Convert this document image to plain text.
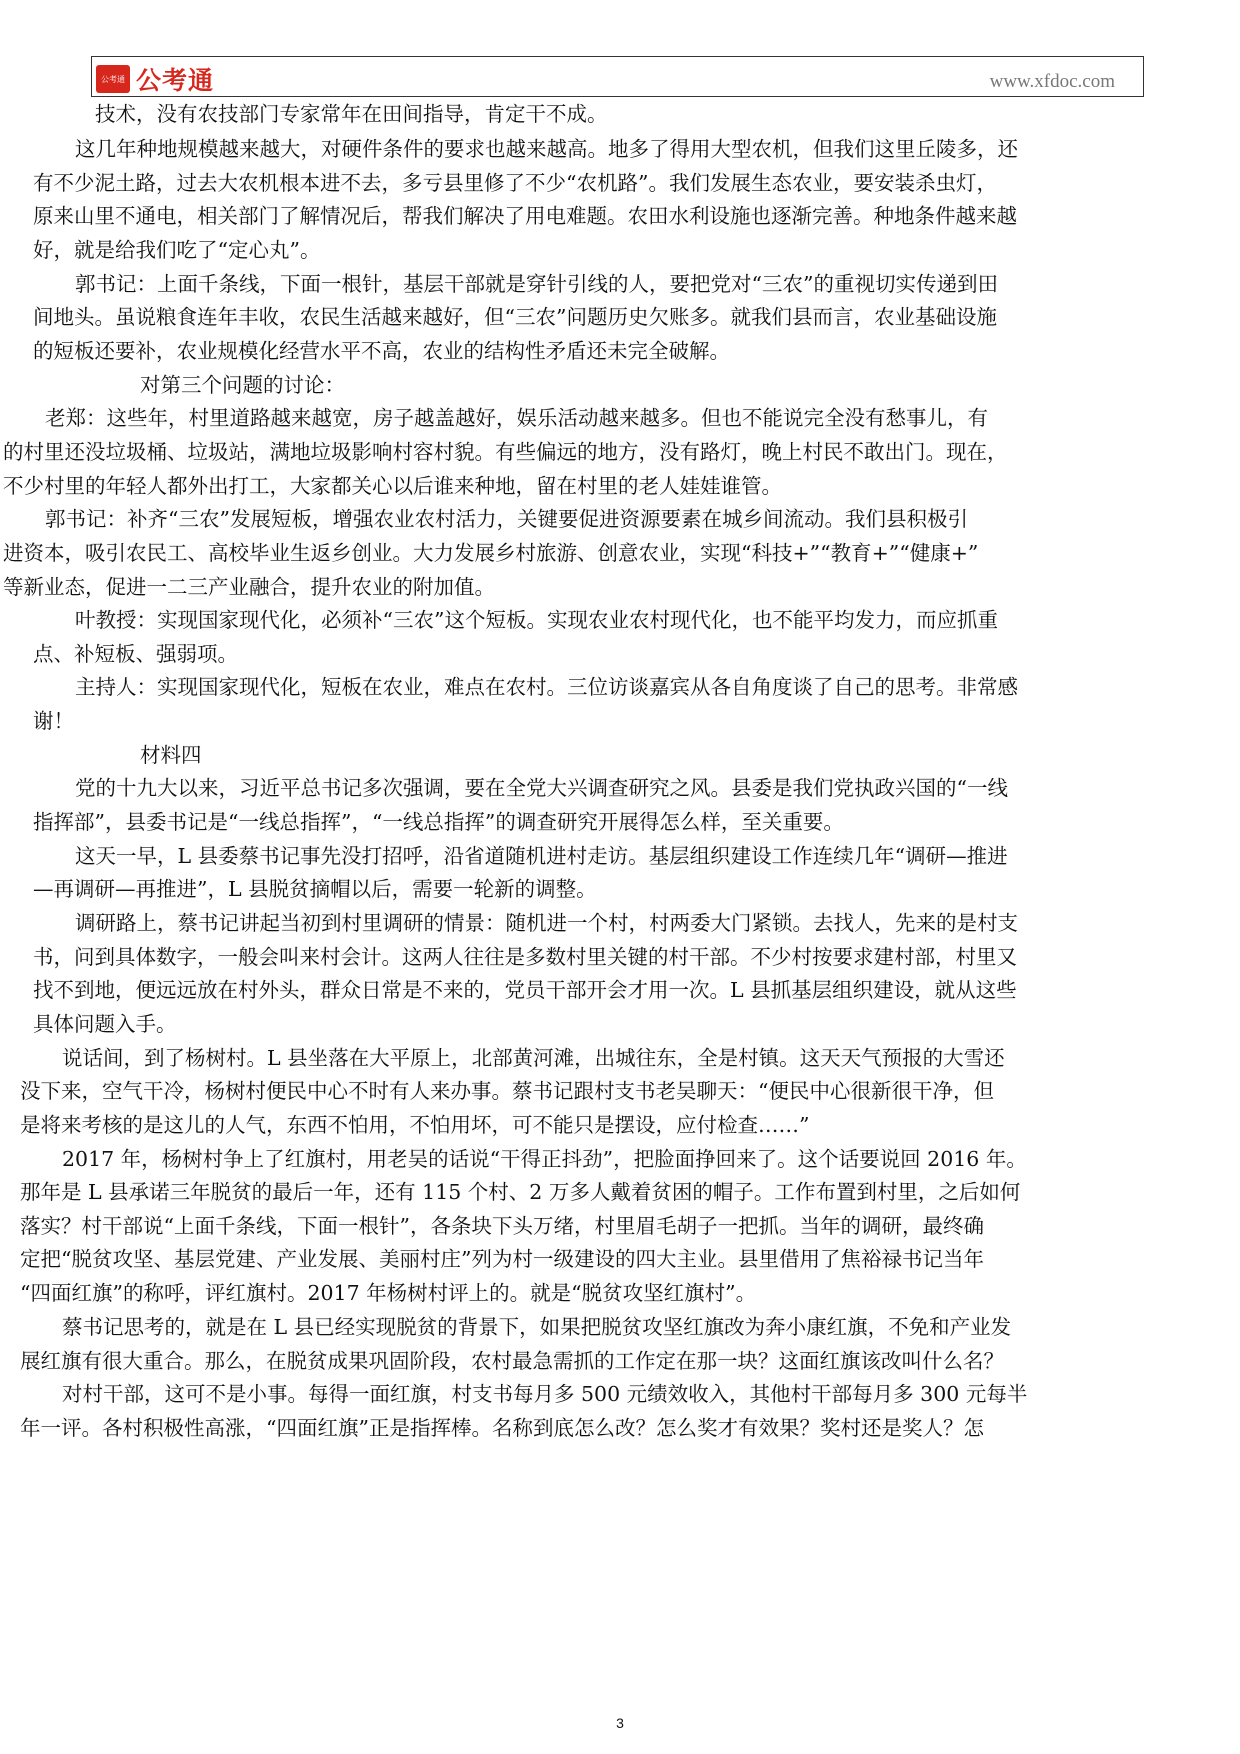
公考通 公考通	www.xfdoc.com
技术，没有农技部门专家常年在田间指导，肯定干不成。
这几年种地规模越来越大，对硬件条件的要求也越来越高。地多了得用大型农机，但我们这里丘陵多，还
有不少泥土路，过去大农机根本进不去，多亏县里修了不少“农机路”。我们发展生态农业，要安装杀虫灯，
原来山里不通电，相关部门了解情况后，帮我们解决了用电难题。农田水利设施也逐渐完善。种地条件越来越
好，就是给我们吃了“定心丸”。
郭书记：上面千条线，下面一根针，基层干部就是穿针引线的人，要把党对“三农”的重视切实传递到田
间地头。虽说粮食连年丰收，农民生活越来越好，但“三农”问题历史欠账多。就我们县而言，农业基础设施
的短板还要补，农业规模化经营水平不高，农业的结构性矛盾还未完全破解。
对第三个问题的讨论：
老郑：这些年，村里道路越来越宽，房子越盖越好，娱乐活动越来越多。但也不能说完全没有愁事儿，有
的村里还没垃圾桶、垃圾站，满地垃圾影响村容村貌。有些偏远的地方，没有路灯，晚上村民不敢出门。现在，
不少村里的年轻人都外出打工，大家都关心以后谁来种地，留在村里的老人娃娃谁管。
郭书记：补齐“三农”发展短板，增强农业农村活力，关键要促进资源要素在城乡间流动。我们县积极引
进资本，吸引农民工、高校毕业生返乡创业。大力发展乡村旅游、创意农业，实现“科技+”“教育+”“健康+”
等新业态，促进一二三产业融合，提升农业的附加值。
叶教授：实现国家现代化，必须补“三农”这个短板。实现农业农村现代化，也不能平均发力，而应抓重
点、补短板、强弱项。
主持人：实现国家现代化，短板在农业，难点在农村。三位访谈嘉宾从各自角度谈了自己的思考。非常感
谢！
材料四
党的十九大以来，习近平总书记多次强调，要在全党大兴调查研究之风。县委是我们党执政兴国的“一线
指挥部”，县委书记是“一线总指挥”，“一线总指挥”的调查研究开展得怎么样，至关重要。
这天一早，L 县委蔡书记事先没打招呼，沿省道随机进村走访。基层组织建设工作连续几年“调研—推进
—再调研—再推进”，L 县脱贫摘帽以后，需要一轮新的调整。
调研路上，蔡书记讲起当初到村里调研的情景：随机进一个村，村两委大门紧锁。去找人，先来的是村支
书，问到具体数字，一般会叫来村会计。这两人往往是多数村里关键的村干部。不少村按要求建村部，村里又
找不到地，便远远放在村外头，群众日常是不来的，党员干部开会才用一次。L 县抓基层组织建设，就从这些
具体问题入手。
说话间，到了杨树村。L 县坐落在大平原上，北部黄河滩，出城往东，全是村镇。这天天气预报的大雪还
没下来，空气干冷，杨树村便民中心不时有人来办事。蔡书记跟村支书老吴聊天：“便民中心很新很干净，但
是将来考核的是这儿的人气，东西不怕用，不怕用坏，可不能只是摆设，应付检查……”
2017 年，杨树村争上了红旗村，用老吴的话说“干得正抖劲”，把脸面挣回来了。这个话要说回 2016 年。
那年是 L 县承诺三年脱贫的最后一年，还有 115 个村、2 万多人戴着贫困的帽子。工作布置到村里，之后如何
落实？村干部说“上面千条线，下面一根针”，各条块下头万绪，村里眉毛胡子一把抓。当年的调研，最终确
定把“脱贫攻坚、基层党建、产业发展、美丽村庄”列为村一级建设的四大主业。县里借用了焦裕禄书记当年
“四面红旗”的称呼，评红旗村。2017 年杨树村评上的。就是“脱贫攻坚红旗村”。
蔡书记思考的，就是在 L 县已经实现脱贫的背景下，如果把脱贫攻坚红旗改为奔小康红旗，不免和产业发
展红旗有很大重合。那么，在脱贫成果巩固阶段，农村最急需抓的工作定在那一块？这面红旗该改叫什么名？
对村干部，这可不是小事。每得一面红旗，村支书每月多 500 元绩效收入，其他村干部每月多 300 元每半
年一评。各村积极性高涨，“四面红旗”正是指挥棒。名称到底怎么改？怎么奖才有效果？奖村还是奖人？怎
3
